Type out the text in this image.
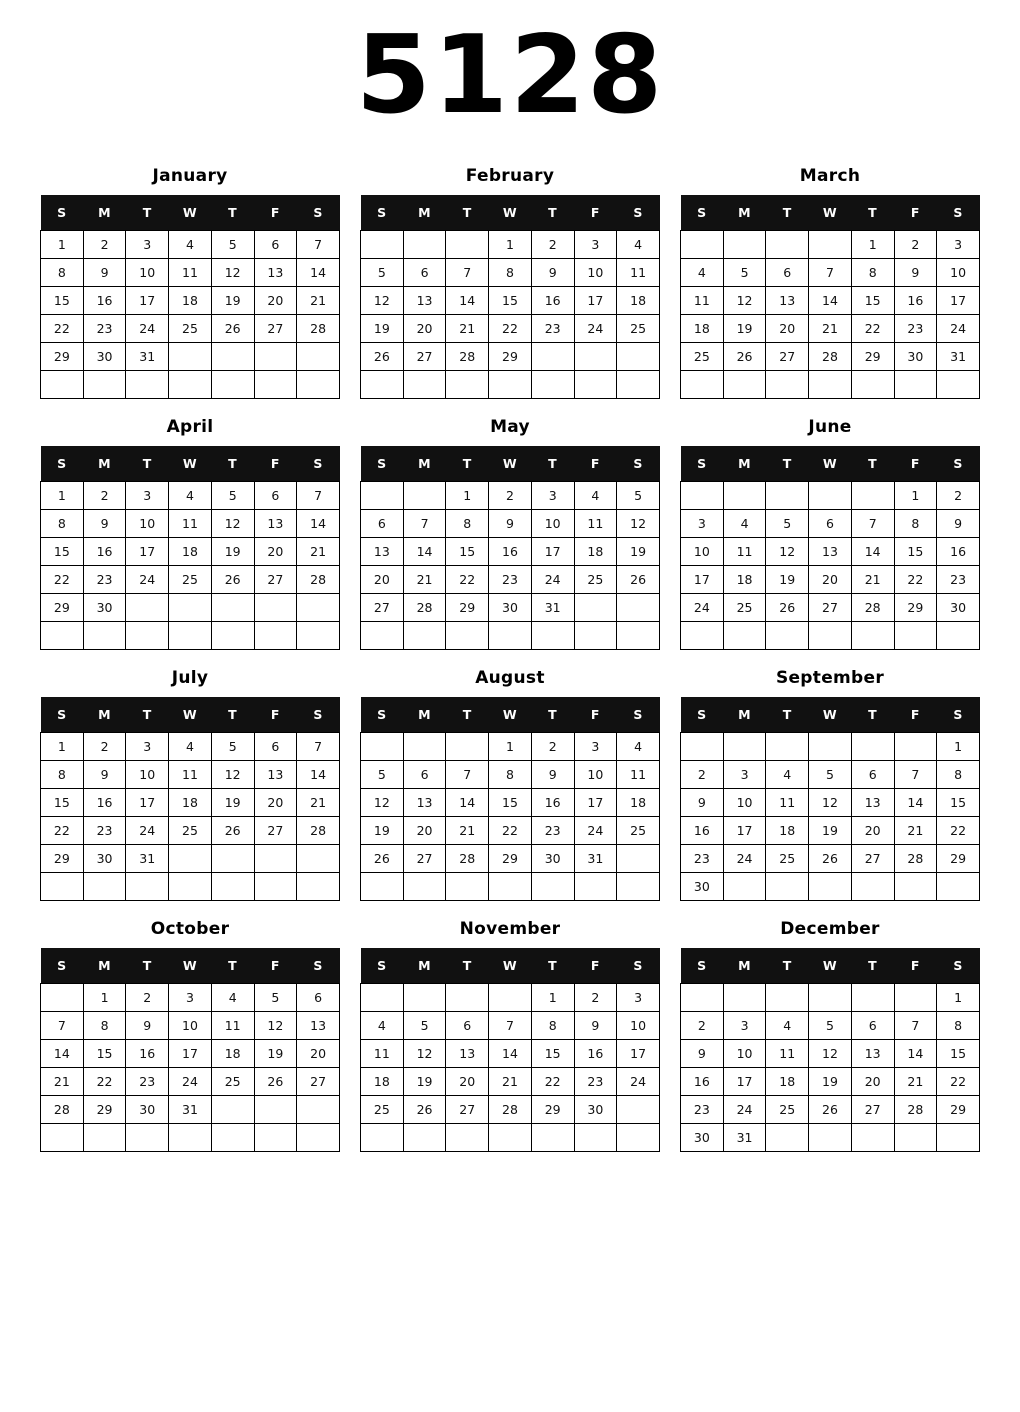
5128
January
S	M	T	W	T	F	S
1	2	3	4	5	6	7
8	9	10	11	12	13	14
15	16	17	18	19	20	21
22	23	24	25	26	27	28
29	30	31				

February
S	M	T	W	T	F	S
			1	2	3	4
5	6	7	8	9	10	11
12	13	14	15	16	17	18
19	20	21	22	23	24	25
26	27	28	29			

March
S	M	T	W	T	F	S
				1	2	3
4	5	6	7	8	9	10
11	12	13	14	15	16	17
18	19	20	21	22	23	24
25	26	27	28	29	30	31

April
S	M	T	W	T	F	S
1	2	3	4	5	6	7
8	9	10	11	12	13	14
15	16	17	18	19	20	21
22	23	24	25	26	27	28
29	30					

May
S	M	T	W	T	F	S
		1	2	3	4	5
6	7	8	9	10	11	12
13	14	15	16	17	18	19
20	21	22	23	24	25	26
27	28	29	30	31		

June
S	M	T	W	T	F	S
					1	2
3	4	5	6	7	8	9
10	11	12	13	14	15	16
17	18	19	20	21	22	23
24	25	26	27	28	29	30

July
S	M	T	W	T	F	S
1	2	3	4	5	6	7
8	9	10	11	12	13	14
15	16	17	18	19	20	21
22	23	24	25	26	27	28
29	30	31				

August
S	M	T	W	T	F	S
			1	2	3	4
5	6	7	8	9	10	11
12	13	14	15	16	17	18
19	20	21	22	23	24	25
26	27	28	29	30	31	

September
S	M	T	W	T	F	S
						1
2	3	4	5	6	7	8
9	10	11	12	13	14	15
16	17	18	19	20	21	22
23	24	25	26	27	28	29
30						
October
S	M	T	W	T	F	S
	1	2	3	4	5	6
7	8	9	10	11	12	13
14	15	16	17	18	19	20
21	22	23	24	25	26	27
28	29	30	31			

November
S	M	T	W	T	F	S
				1	2	3
4	5	6	7	8	9	10
11	12	13	14	15	16	17
18	19	20	21	22	23	24
25	26	27	28	29	30	

December
S	M	T	W	T	F	S
						1
2	3	4	5	6	7	8
9	10	11	12	13	14	15
16	17	18	19	20	21	22
23	24	25	26	27	28	29
30	31					
